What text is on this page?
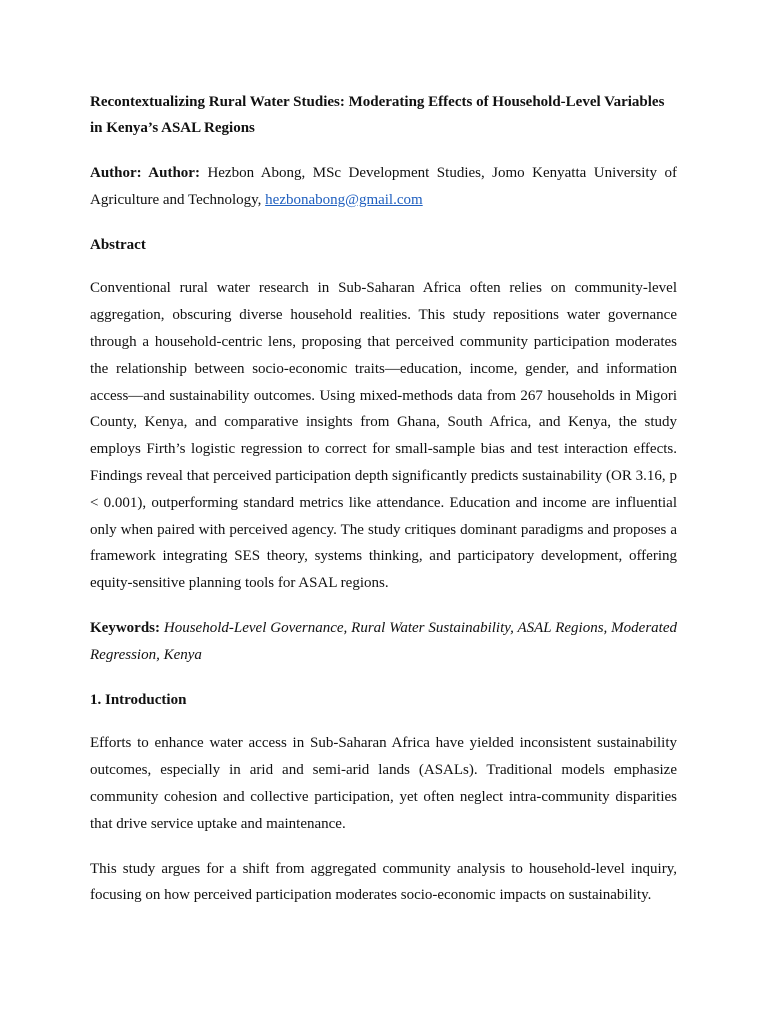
Recontextualizing Rural Water Studies: Moderating Effects of Household-Level Variables in Kenya’s ASAL Regions
Author: Author: Hezbon Abong, MSc Development Studies, Jomo Kenyatta University of Agriculture and Technology, hezbonabong@gmail.com
Abstract
Conventional rural water research in Sub-Saharan Africa often relies on community-level aggregation, obscuring diverse household realities. This study repositions water governance through a household-centric lens, proposing that perceived community participation moderates the relationship between socio-economic traits—education, income, gender, and information access—and sustainability outcomes. Using mixed-methods data from 267 households in Migori County, Kenya, and comparative insights from Ghana, South Africa, and Kenya, the study employs Firth’s logistic regression to correct for small-sample bias and test interaction effects. Findings reveal that perceived participation depth significantly predicts sustainability (OR 3.16, p < 0.001), outperforming standard metrics like attendance. Education and income are influential only when paired with perceived agency. The study critiques dominant paradigms and proposes a framework integrating SES theory, systems thinking, and participatory development, offering equity-sensitive planning tools for ASAL regions.
Keywords: Household-Level Governance, Rural Water Sustainability, ASAL Regions, Moderated Regression, Kenya
1. Introduction
Efforts to enhance water access in Sub-Saharan Africa have yielded inconsistent sustainability outcomes, especially in arid and semi-arid lands (ASALs). Traditional models emphasize community cohesion and collective participation, yet often neglect intra-community disparities that drive service uptake and maintenance.
This study argues for a shift from aggregated community analysis to household-level inquiry, focusing on how perceived participation moderates socio-economic impacts on sustainability.
